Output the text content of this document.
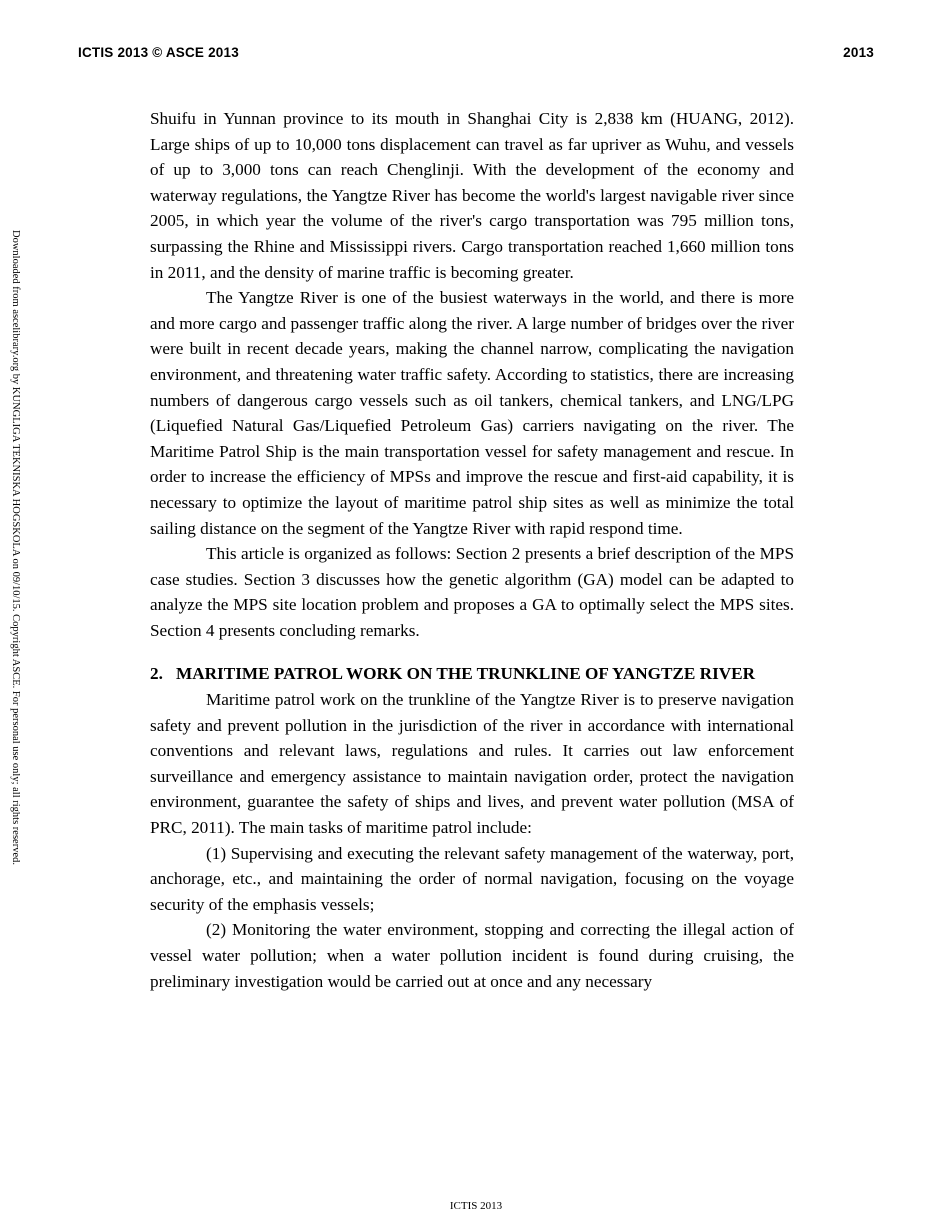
ICTIS 2013 © ASCE 2013	2013
Downloaded from ascelibrary.org by KUNGLIGA TEKNISKA HOGSKOLA on 09/10/15. Copyright ASCE. For personal use only; all rights reserved.

Shuifu in Yunnan province to its mouth in Shanghai City is 2,838 km (HUANG, 2012). Large ships of up to 10,000 tons displacement can travel as far upriver as Wuhu, and vessels of up to 3,000 tons can reach Chenglinji. With the development of the economy and waterway regulations, the Yangtze River has become the world's largest navigable river since 2005, in which year the volume of the river's cargo transportation was 795 million tons, surpassing the Rhine and Mississippi rivers. Cargo transportation reached 1,660 million tons in 2011, and the density of marine traffic is becoming greater.

The Yangtze River is one of the busiest waterways in the world, and there is more and more cargo and passenger traffic along the river. A large number of bridges over the river were built in recent decade years, making the channel narrow, complicating the navigation environment, and threatening water traffic safety. According to statistics, there are increasing numbers of dangerous cargo vessels such as oil tankers, chemical tankers, and LNG/LPG (Liquefied Natural Gas/Liquefied Petroleum Gas) carriers navigating on the river. The Maritime Patrol Ship is the main transportation vessel for safety management and rescue. In order to increase the efficiency of MPSs and improve the rescue and first-aid capability, it is necessary to optimize the layout of maritime patrol ship sites as well as minimize the total sailing distance on the segment of the Yangtze River with rapid respond time.

This article is organized as follows: Section 2 presents a brief description of the MPS case studies. Section 3 discusses how the genetic algorithm (GA) model can be adapted to analyze the MPS site location problem and proposes a GA to optimally select the MPS sites. Section 4 presents concluding remarks.

2. MARITIME PATROL WORK ON THE TRUNKLINE OF YANGTZE RIVER

Maritime patrol work on the trunkline of the Yangtze River is to preserve navigation safety and prevent pollution in the jurisdiction of the river in accordance with international conventions and relevant laws, regulations and rules. It carries out law enforcement surveillance and emergency assistance to maintain navigation order, protect the navigation environment, guarantee the safety of ships and lives, and prevent water pollution (MSA of PRC, 2011). The main tasks of maritime patrol include:

(1) Supervising and executing the relevant safety management of the waterway, port, anchorage, etc., and maintaining the order of normal navigation, focusing on the voyage security of the emphasis vessels;

(2) Monitoring the water environment, stopping and correcting the illegal action of vessel water pollution; when a water pollution incident is found during cruising, the preliminary investigation would be carried out at once and any necessary

ICTIS 2013
